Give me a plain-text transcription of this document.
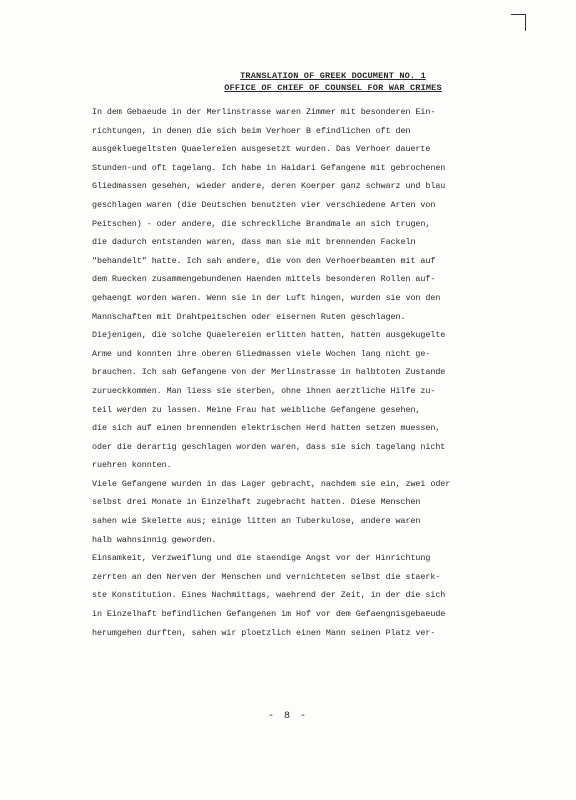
TRANSLATION OF GREEK DOCUMENT NO. 1
OFFICE OF CHIEF OF COUNSEL FOR WAR CRIMES
In dem Gebaeude in der Merlinstrasse waren Zimmer mit besonderen Ein-
richtungen, in denen die sich beim Verhoer B efindlichen oft den
ausgekluegeltsten Quaelereien ausgesetzt wurden. Das Verhoer dauerte
Stunden-und oft tagelang. Ich habe in Haidari Gefangene mit gebrochenen
Gliedmassen gesehen, wieder andere, deren Koerper ganz schwarz und blau
geschlagen waren (die Deutschen benutzten vier verschiedene Arten von
Peitschen) - oder andere, die schreckliche Brandmale an sich trugen,
die dadurch entstanden waren, dass man sie mit brennenden Fackeln
"behandelt" hatte. Ich sah andere, die von den Verhoerbeamten mit auf
dem Ruecken zusammengebundenen Haenden mittels besonderen Rollen auf-
gehaengt worden waren. Wenn sie in der Luft hingen, wurden sie von den
Mannschaften mit Drahtpeitschen oder eisernen Ruten geschlagen.
Diejenigen, die solche Quaelereien erlitten hatten, hatten ausgekugelte
Arme und konnten ihre oberen Gliedmassen viele Wochen lang nicht ge-
brauchen. Ich sah Gefangene von der Merlinstrasse in halbtoten Zustande
zurueckkommen. Man liess sie sterben, ohne ihnen aerztliche Hilfe zu-
teil werden zu lassen. Meine Frau hat weibliche Gefangene gesehen,
die sich auf einen brennenden elektrischen Herd hatten setzen muessen,
oder die derartig geschlagen worden waren, dass sie sich tagelang nicht
ruehren konnten.
Viele Gefangene wurden in das Lager gebracht, nachdem sie ein, zwei oder
selbst drei Monate in Einzelhaft zugebracht hatten. Diese Menschen
sahen wie Skelette aus; einige litten an Tuberkulose, andere waren
halb wahnsinnig geworden.
Einsamkeit, Verzweiflung und die staendige Angst vor der Hinrichtung
zerrten an den Nerven der Menschen und vernichteten selbst die staerk-
ste Konstitution. Eines Nachmittags, waehrend der Zeit, in der die sich
in Einzelhaft befindlichen Gefangenen im Hof vor dem Gefaengnisgebaeude
herumgehen durften, sahen wir ploetzlich einen Mann seinen Platz ver-
- 8 -
